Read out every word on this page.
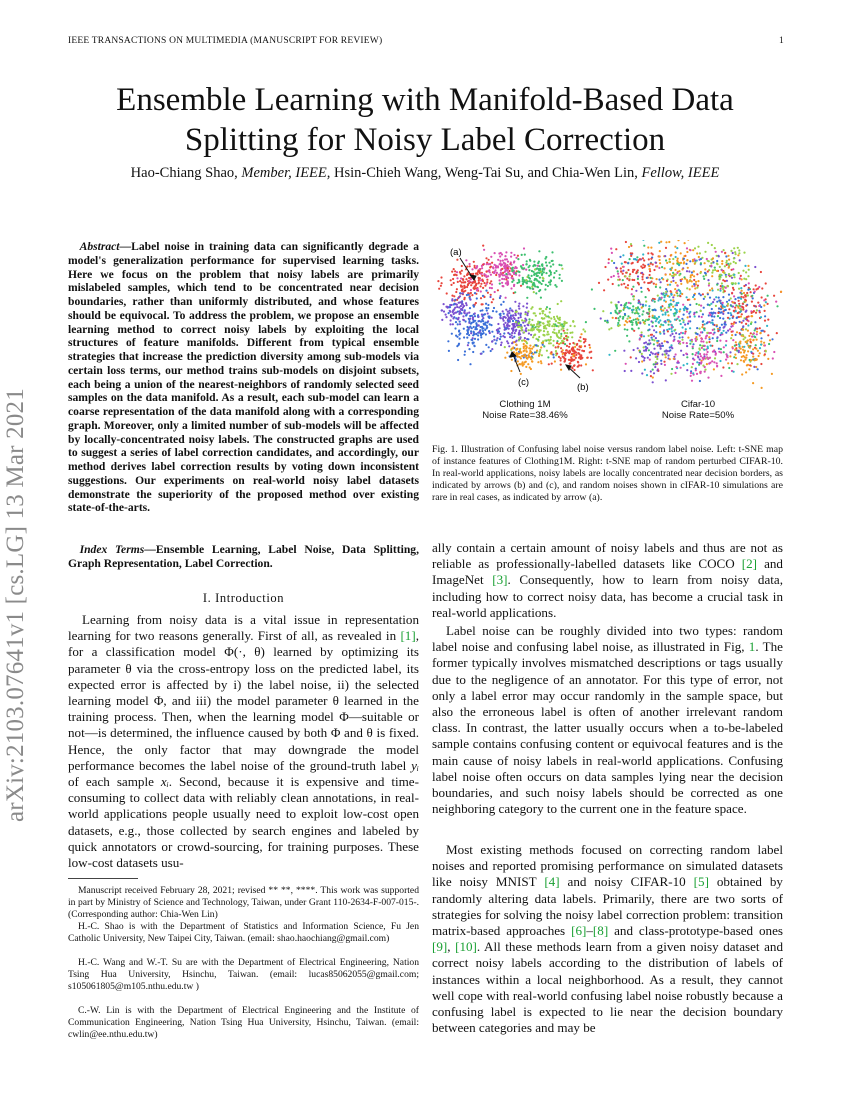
IEEE TRANSACTIONS ON MULTIMEDIA (MANUSCRIPT FOR REVIEW)	1
arXiv:2103.07641v1 [cs.LG] 13 Mar 2021
Ensemble Learning with Manifold-Based Data
Splitting for Noisy Label Correction
Hao-Chiang Shao, Member, IEEE, Hsin-Chieh Wang, Weng-Tai Su, and Chia-Wen Lin, Fellow, IEEE
 Abstract—Label noise in training data can significantly degrade a model's generalization performance for supervised learning tasks. Here we focus on the problem that noisy labels are primarily mislabeled samples, which tend to be concentrated near decision boundaries, rather than uniformly distributed, and whose features should be equivocal. To address the problem, we propose an ensemble learning method to correct noisy labels by exploiting the local structures of feature manifolds. Different from typical ensemble strategies that increase the prediction diversity among sub-models via certain loss terms, our method trains sub-models on disjoint subsets, each being a union of the nearest-neighbors of randomly selected seed samples on the data manifold. As a result, each sub-model can learn a coarse representation of the data manifold along with a corresponding graph. Moreover, only a limited number of sub-models will be affected by locally-concentrated noisy labels. The constructed graphs are used to suggest a series of label correction candidates, and accordingly, our method derives label correction results by voting down inconsistent suggestions. Our experiments on real-world noisy label datasets demonstrate the superiority of the proposed method over existing state-of-the-arts.
 Index Terms—Ensemble Learning, Label Noise, Data Splitting, Graph Representation, Label Correction.
I. Introduction
Learning from noisy data is a vital issue in representation learning for two reasons generally. First of all, as revealed in [1], for a classification model Φ(·, θ) learned by optimizing its parameter θ via the cross-entropy loss on the predicted label, its expected error is affected by i) the label noise, ii) the selected learning model Φ, and iii) the model parameter θ learned in the training process. Then, when the learning model Φ—suitable or not—is determined, the influence caused by both Φ and θ is fixed. Hence, the only factor that may downgrade the model performance becomes the label noise of the ground-truth label yᵢ of each sample xᵢ. Second, because it is expensive and time-consuming to collect data with reliably clean annotations, in real-world applications people usually need to exploit low-cost open datasets, e.g., those collected by search engines and labeled by quick annotators or crowd-sourcing, for training purposes. These low-cost datasets usu-
Manuscript received February 28, 2021; revised ** **, ****. This work was supported in part by Ministry of Science and Technology, Taiwan, under Grant 110-2634-F-007-015-. (Corresponding author: Chia-Wen Lin)
H.-C. Shao is with the Department of Statistics and Information Science, Fu Jen Catholic University, New Taipei City, Taiwan. (email: shao.haochiang@gmail.com)
H.-C. Wang and W.-T. Su are with the Department of Electrical Engineering, Nation Tsing Hua University, Hsinchu, Taiwan. (email: lucas85062055@gmail.com; s105061805@m105.nthu.edu.tw )
C.-W. Lin is with the Department of Electrical Engineering and the Institute of Communication Engineering, Nation Tsing Hua University, Hsinchu, Taiwan. (email: cwlin@ee.nthu.edu.tw)
(a)
(c)	(b)
Clothing 1M
Noise Rate=38.46%
Cifar-10
Noise Rate=50%
Fig. 1. Illustration of Confusing label noise versus random label noise. Left: t-SNE map of instance features of Clothing1M. Right: t-SNE map of random perturbed CIFAR-10. In real-world applications, noisy labels are locally concentrated near decision borders, as indicated by arrows (b) and (c), and random noises shown in cIFAR-10 simulations are rare in real cases, as indicated by arrow (a).
ally contain a certain amount of noisy labels and thus are not as reliable as professionally-labelled datasets like COCO [2] and ImageNet [3]. Consequently, how to learn from noisy data, including how to correct noisy data, has become a crucial task in real-world applications.
Label noise can be roughly divided into two types: random label noise and confusing label noise, as illustrated in Fig, 1. The former typically involves mismatched descriptions or tags usually due to the negligence of an annotator. For this type of error, not only a label error may occur randomly in the sample space, but also the erroneous label is often of another irrelevant random class. In contrast, the latter usually occurs when a to-be-labeled sample contains confusing content or equivocal features and is the main cause of noisy labels in real-world applications. Confusing label noise often occurs on data samples lying near the decision boundaries, and such noisy labels should be corrected as one neighboring category to the current one in the feature space.
Most existing methods focused on correcting random label noises and reported promising performance on simulated datasets like noisy MNIST [4] and noisy CIFAR-10 [5] obtained by randomly altering data labels. Primarily, there are two sorts of strategies for solving the noisy label correction problem: transition matrix-based approaches [6]–[8] and class-prototype-based ones [9], [10]. All these methods learn from a given noisy dataset and correct noisy labels according to the distribution of labels of instances within a local neighborhood. As a result, they cannot well cope with real-world confusing label noise robustly because a confusing label is expected to lie near the decision boundary between categories and may be
